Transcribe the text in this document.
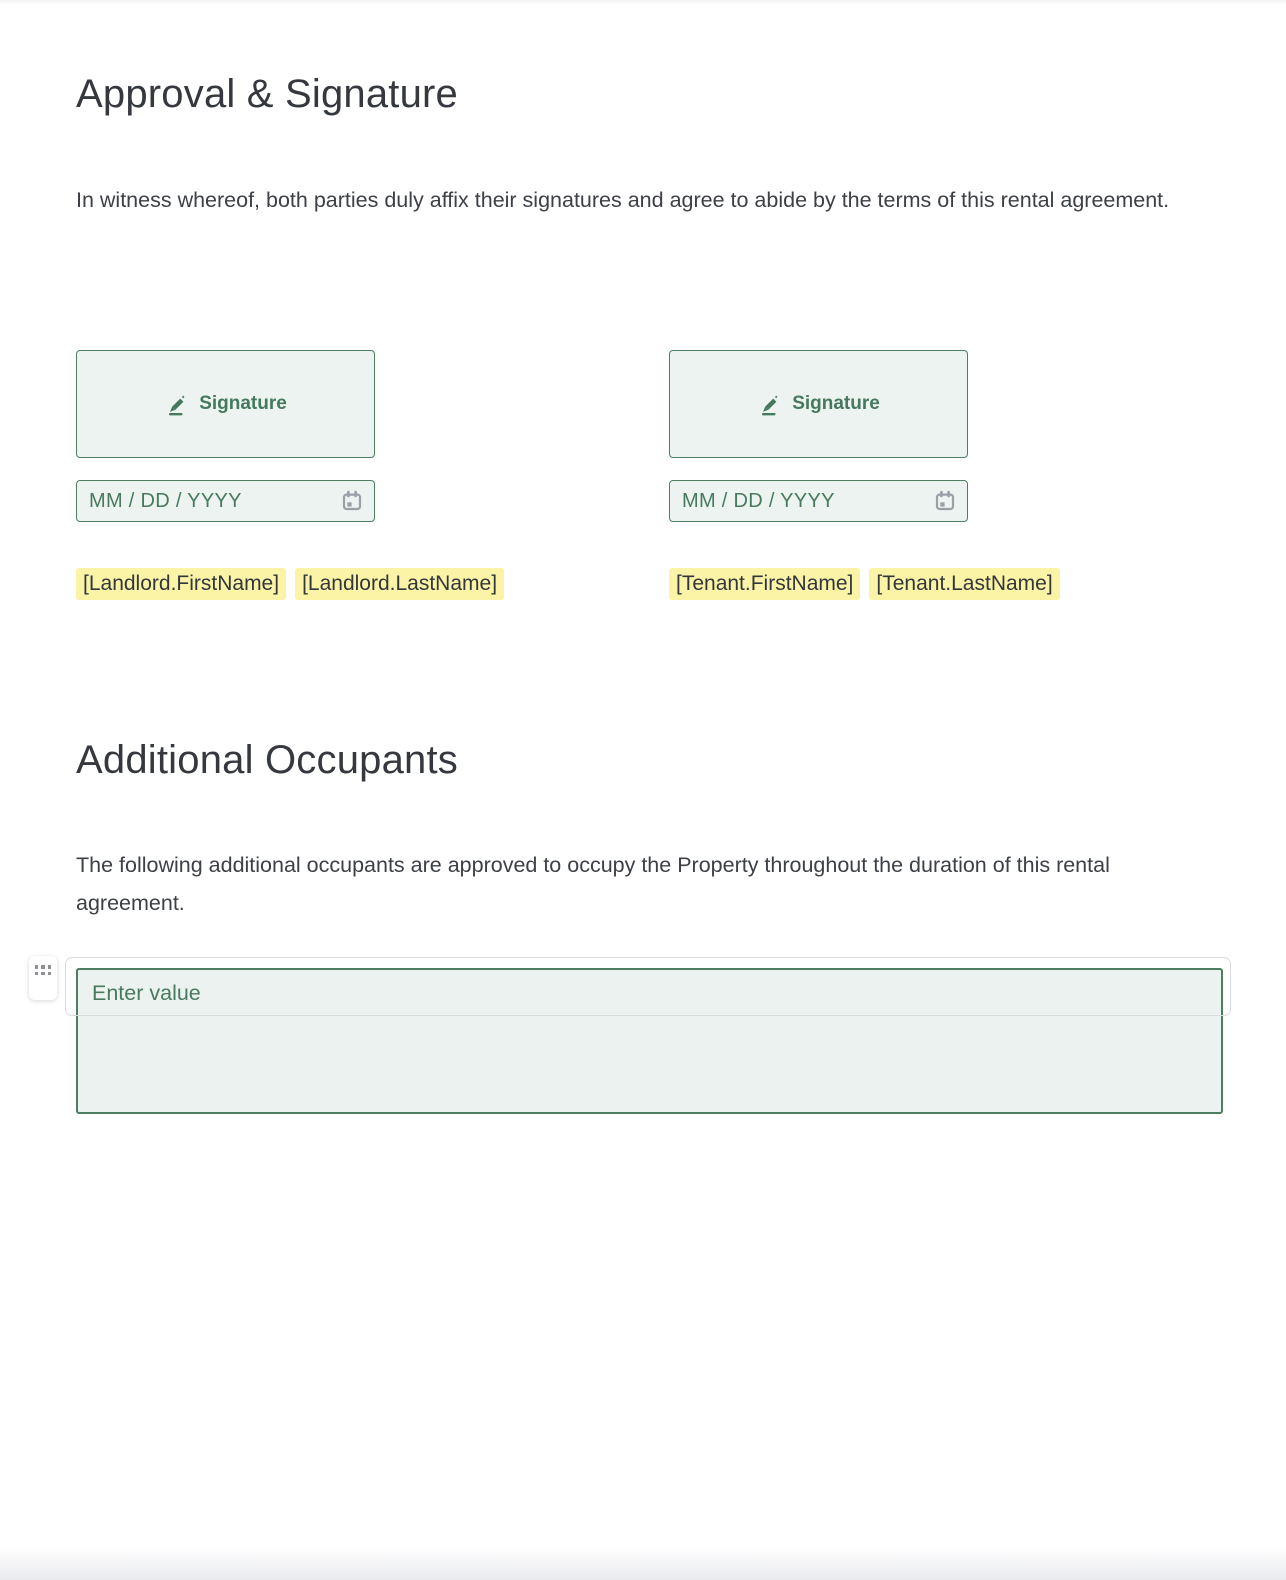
Approval & Signature

In witness whereof, both parties duly affix their signatures and agree to abide by the terms of this rental agreement.

Signature
MM / DD / YYYY
[Landlord.FirstName]	[Landlord.LastName]
Signature
MM / DD / YYYY
[Tenant.FirstName]	[Tenant.LastName]
Additional Occupants

The following additional occupants are approved to occupy the Property throughout the duration of this rental agreement.

Enter value
